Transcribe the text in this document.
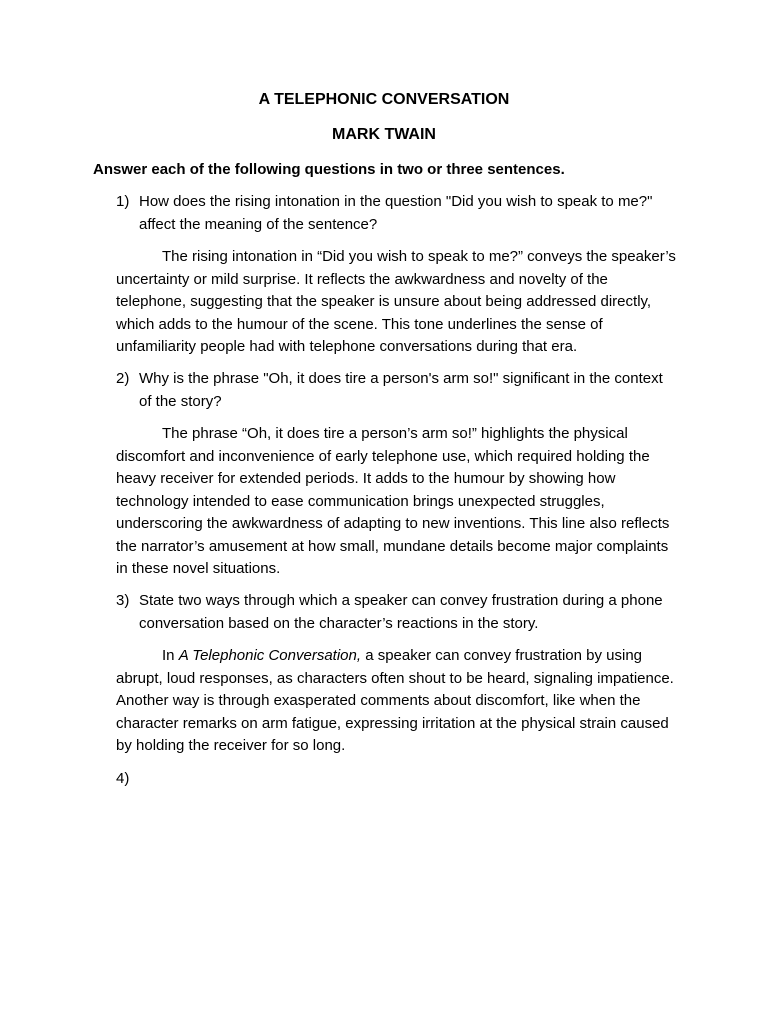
A TELEPHONIC CONVERSATION
MARK TWAIN
Answer each of the following questions in two or three sentences.
1) How does the rising intonation in the question "Did you wish to speak to me?" affect the meaning of the sentence?
The rising intonation in “Did you wish to speak to me?” conveys the speaker’s uncertainty or mild surprise. It reflects the awkwardness and novelty of the telephone, suggesting that the speaker is unsure about being addressed directly, which adds to the humour of the scene. This tone underlines the sense of unfamiliarity people had with telephone conversations during that era.
2) Why is the phrase "Oh, it does tire a person's arm so!" significant in the context of the story?
The phrase “Oh, it does tire a person’s arm so!” highlights the physical discomfort and inconvenience of early telephone use, which required holding the heavy receiver for extended periods. It adds to the humour by showing how technology intended to ease communication brings unexpected struggles, underscoring the awkwardness of adapting to new inventions. This line also reflects the narrator’s amusement at how small, mundane details become major complaints in these novel situations.
3) State two ways through which a speaker can convey frustration during a phone conversation based on the character’s reactions in the story.
In A Telephonic Conversation, a speaker can convey frustration by using abrupt, loud responses, as characters often shout to be heard, signaling impatience. Another way is through exasperated comments about discomfort, like when the character remarks on arm fatigue, expressing irritation at the physical strain caused by holding the receiver for so long.
4)
